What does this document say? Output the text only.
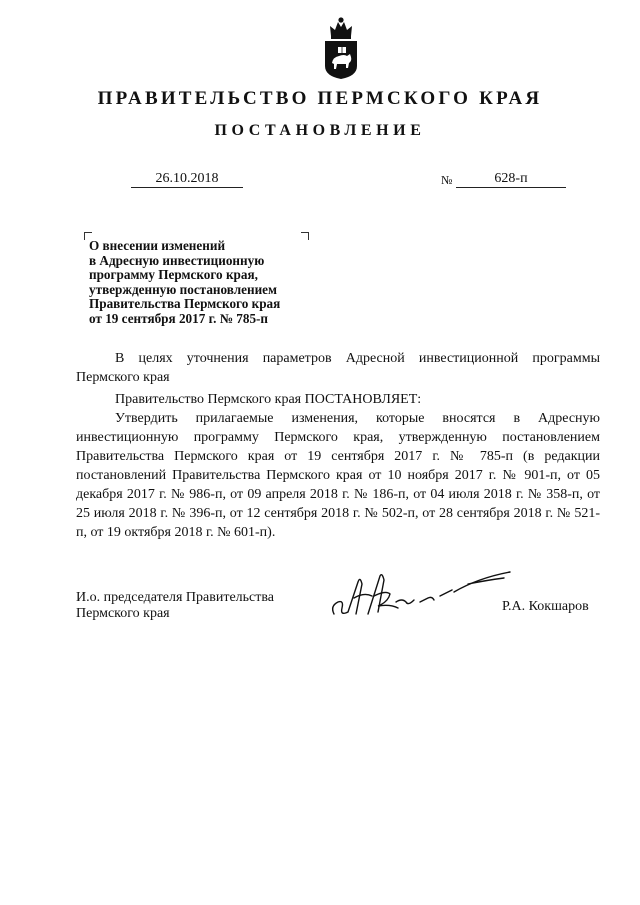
ПРАВИТЕЛЬСТВО ПЕРМСКОГО КРАЯ
ПОСТАНОВЛЕНИЕ
26.10.2018	№	628-п
О внесении изменений
в Адресную инвестиционную
программу Пермского края,
утвержденную постановлением
Правительства Пермского края
от 19 сентября 2017 г. № 785-п

В целях уточнения параметров Адресной инвестиционной программы Пермского края

Правительство Пермского края ПОСТАНОВЛЯЕТ:

Утвердить прилагаемые изменения, которые вносятся в Адресную инвестиционную программу Пермского края, утвержденную постановлением Правительства Пермского края от 19 сентября 2017 г. № 785-п (в редакции постановлений Правительства Пермского края от 10 ноября 2017 г. № 901-п, от 05 декабря 2017 г. № 986-п, от 09 апреля 2018 г. № 186-п, от 04 июля 2018 г. № 358-п, от 25 июля 2018 г. № 396-п, от 12 сентября 2018 г. № 502-п, от 28 сентября 2018 г. № 521-п, от 19 октября 2018 г. № 601-п).

И.о. председателя Правительства
Пермского края	Р.А. Кокшаров
